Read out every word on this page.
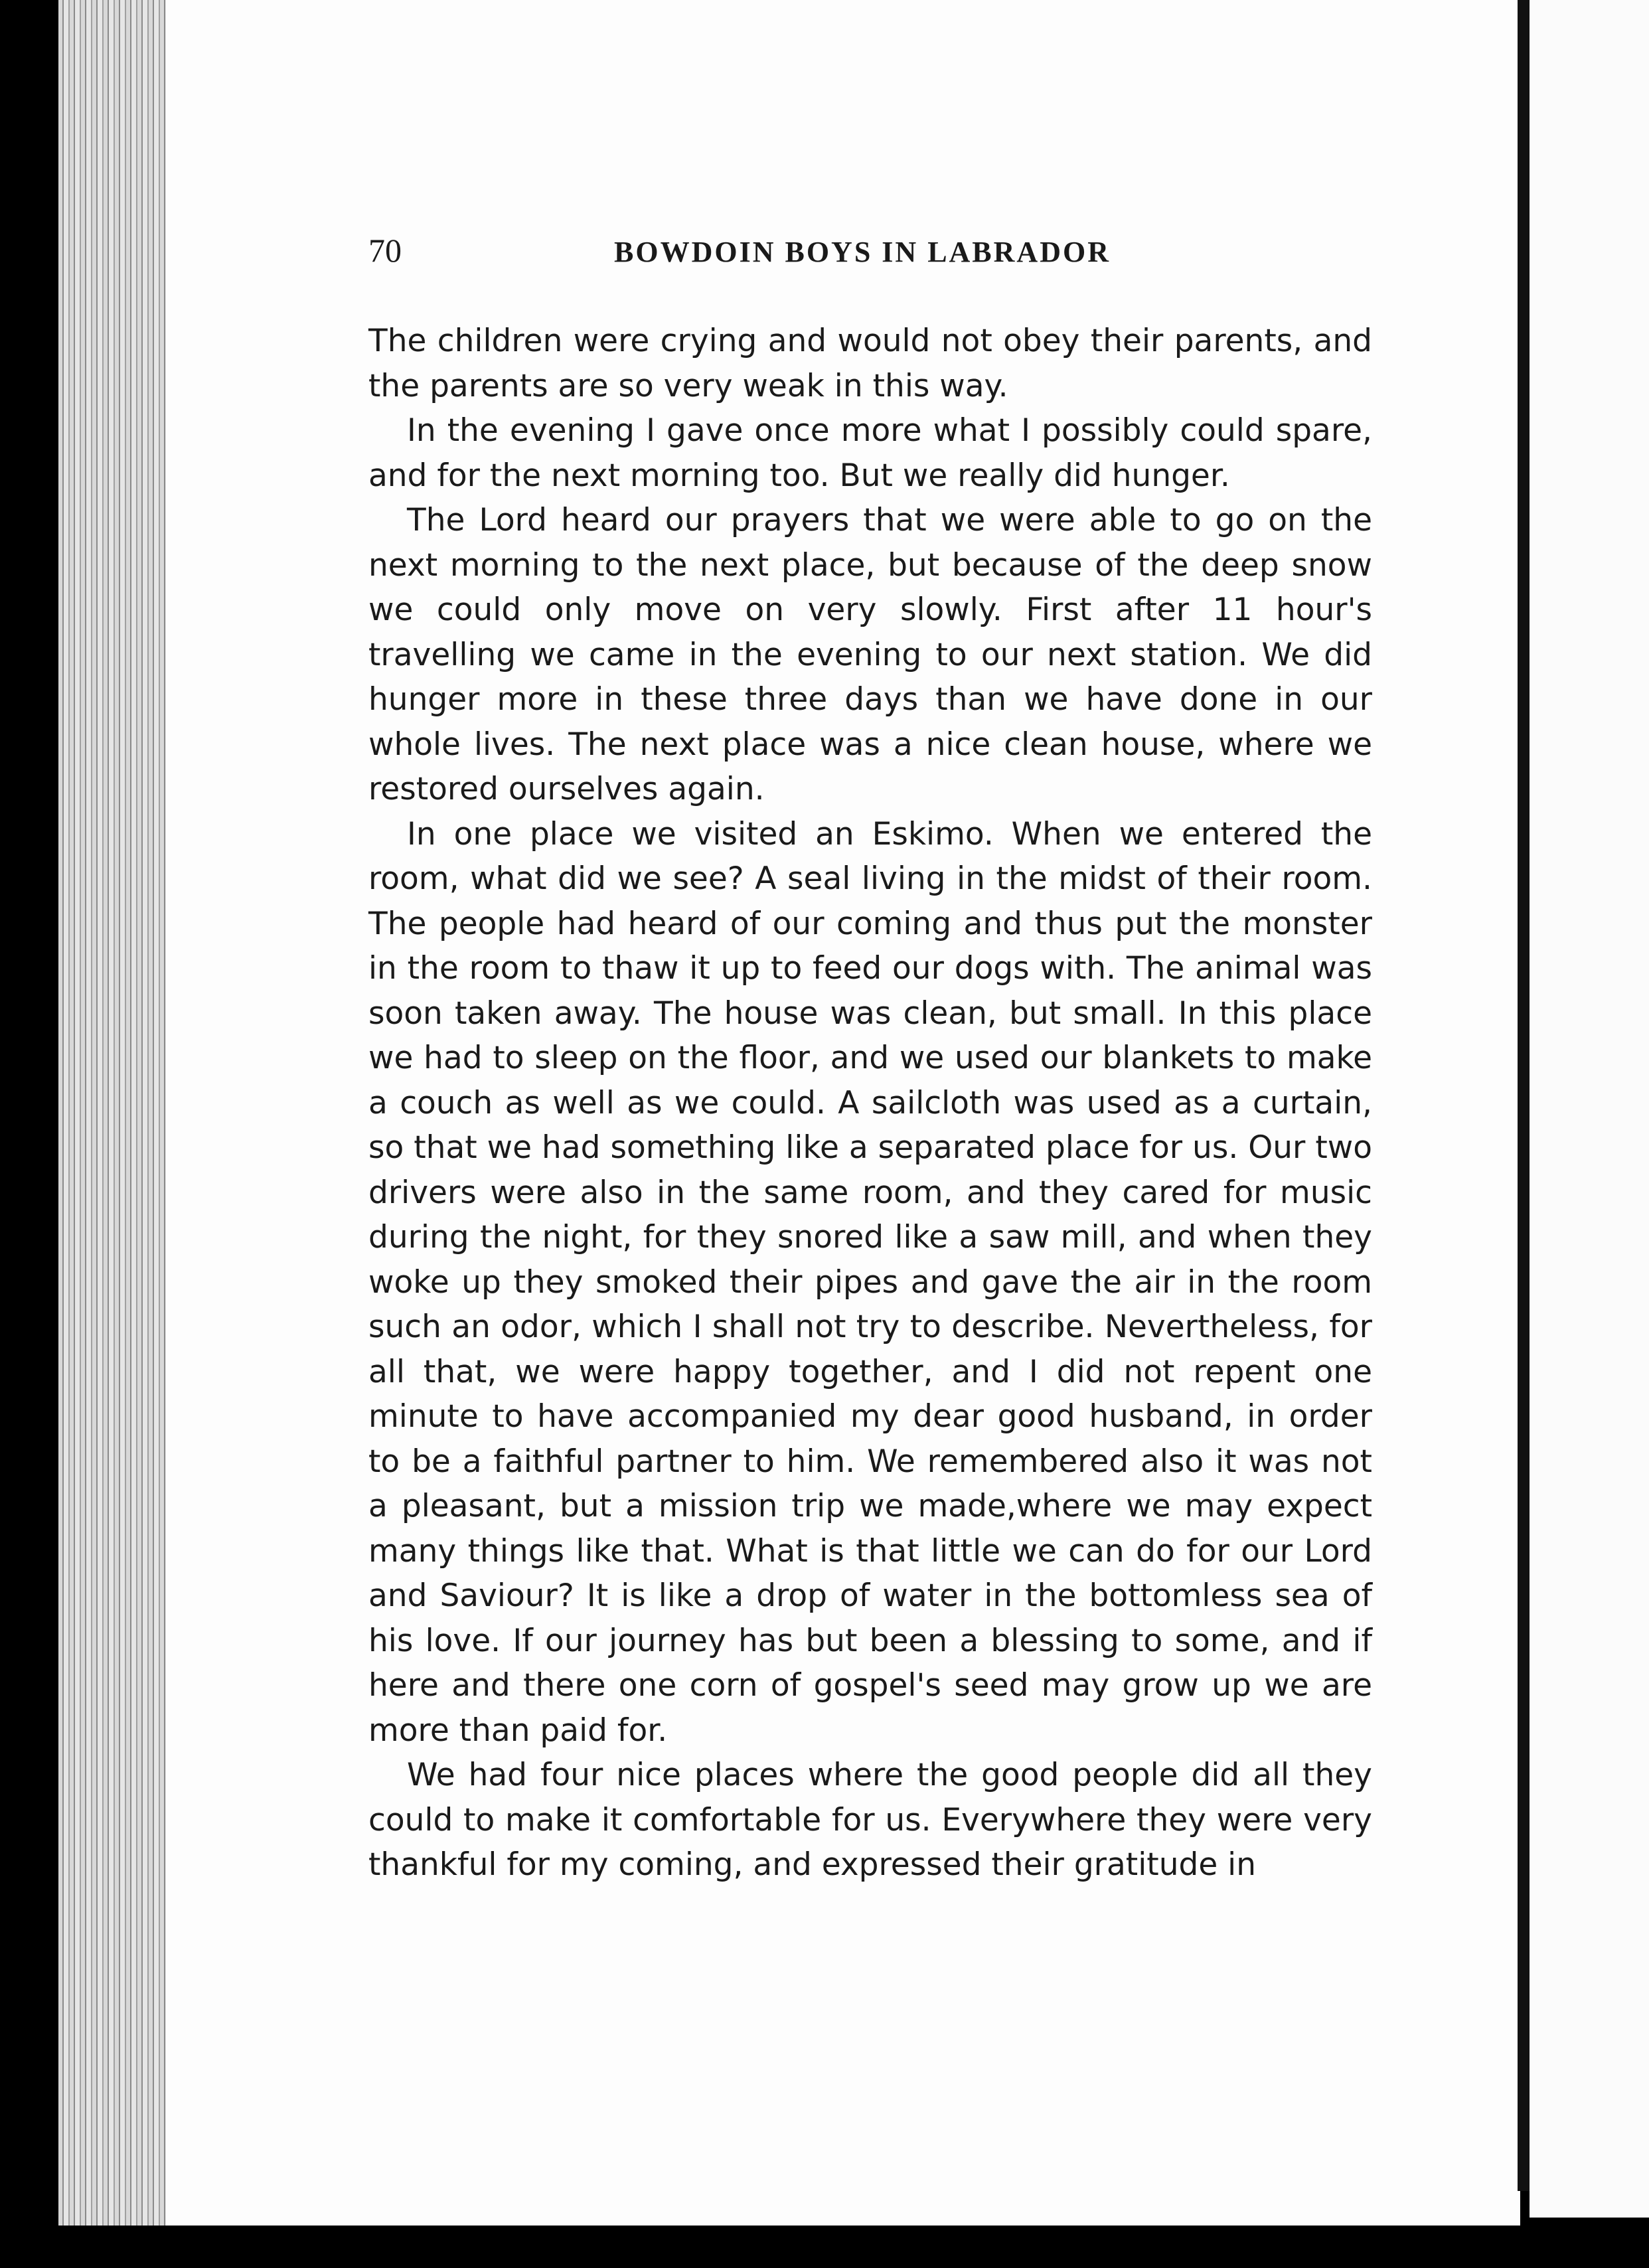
70	BOWDOIN BOYS IN LABRADOR

The children were crying and would not obey their parents, and the parents are so very weak in this way.

In the evening I gave once more what I possibly could spare, and for the next morning too. But we really did hunger.

The Lord heard our prayers that we were able to go on the next morning to the next place, but because of the deep snow we could only move on very slowly. First after 11 hour's travelling we came in the evening to our next station. We did hunger more in these three days than we have done in our whole lives. The next place was a nice clean house, where we restored ourselves again.

In one place we visited an Eskimo. When we entered the room, what did we see? A seal living in the midst of their room. The people had heard of our coming and thus put the monster in the room to thaw it up to feed our dogs with. The animal was soon taken away. The house was clean, but small. In this place we had to sleep on the floor, and we used our blankets to make a couch as well as we could. A sailcloth was used as a curtain, so that we had something like a separated place for us. Our two drivers were also in the same room, and they cared for music during the night, for they snored like a saw mill, and when they woke up they smoked their pipes and gave the air in the room such an odor, which I shall not try to describe. Nevertheless, for all that, we were happy together, and I did not repent one minute to have accompanied my dear good husband, in order to be a faithful partner to him. We remembered also it was not a pleasant, but a mission trip we made,where we may expect many things like that. What is that little we can do for our Lord and Saviour? It is like a drop of water in the bottomless sea of his love. If our journey has but been a blessing to some, and if here and there one corn of gospel's seed may grow up we are more than paid for.

We had four nice places where the good people did all they could to make it comfortable for us. Everywhere they were very thankful for my coming, and expressed their gratitude in
